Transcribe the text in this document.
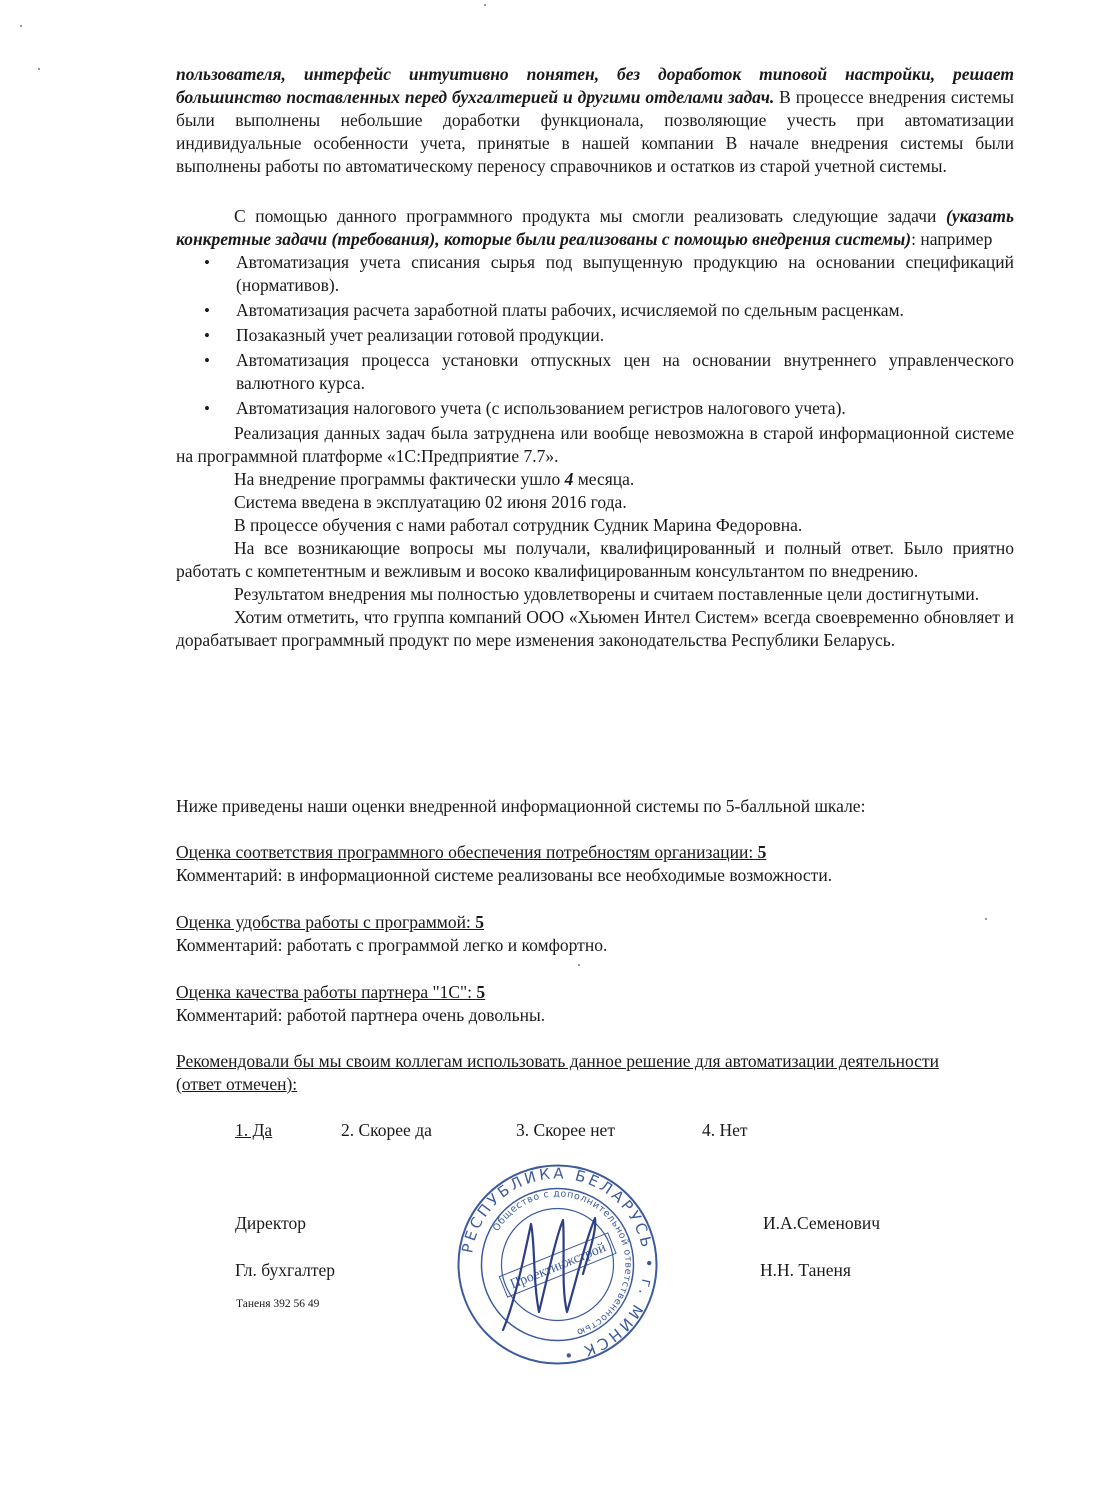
пользователя, интерфейс интуитивно понятен, без доработок типовой настройки, решает большинство поставленных перед бухгалтерией и другими отделами задач. В процессе внедрения системы были выполнены небольшие доработки функционала, позволяющие учесть при автоматизации индивидуальные особенности учета, принятые в нашей компании В начале внедрения системы были выполнены работы по автоматическому переносу справочников и остатков из старой учетной системы.

С помощью данного программного продукта мы смогли реализовать следующие задачи (указать конкретные задачи (требования), которые были реализованы с помощью внедрения системы): например

• Автоматизация учета списания сырья под выпущенную продукцию на основании спецификаций (нормативов).
• Автоматизация расчета заработной платы рабочих, исчисляемой по сдельным расценкам.
• Позаказный учет реализации готовой продукции.
• Автоматизация процесса установки отпускных цен на основании внутреннего управленческого валютного курса.
• Автоматизация налогового учета (с использованием регистров налогового учета).

Реализация данных задач была затруднена или вообще невозможна в старой информационной системе на программной платформе «1С:Предприятие 7.7».

На внедрение программы фактически ушло 4 месяца.

Система введена в эксплуатацию 02 июня 2016 года.

В процессе обучения с нами работал сотрудник Судник Марина Федоровна.

На все возникающие вопросы мы получали, квалифицированный и полный ответ. Было приятно работать с компетентным и вежливым и восоко квалифицированным консультантом по внедрению.

Результатом внедрения мы полностью удовлетворены и считаем поставленные цели достигнутыми.

Хотим отметить, что группа компаний ООО «Хьюмен Интел Систем» всегда своевременно обновляет и дорабатывает программный продукт по мере изменения законодательства Республики Беларусь.

Ниже приведены наши оценки внедренной информационной системы по 5-балльной шкале:
Оценка соответствия программного обеспечения потребностям организации: 5
Комментарий: в информационной системе реализованы все необходимые возможности.
Оценка удобства работы с программой: 5
Комментарий: работать с программой легко и комфортно.
Оценка качества работы партнера "1С": 5
Комментарий: работой партнера очень довольны.
Рекомендовали бы мы своим коллегам использовать данное решение для автоматизации деятельности (ответ отмечен):
1. Да	2. Скорее да	3. Скорее нет	4. Нет
Директор	И.А.Семенович
Гл. бухгалтер	Н.Н. Таненя
Таненя 392 56 49
РЕСПУБЛИКА БЕЛАРУСЬ • г. МИНСК •
Общество с дополнительной ответственностью
Проектинжстрой
